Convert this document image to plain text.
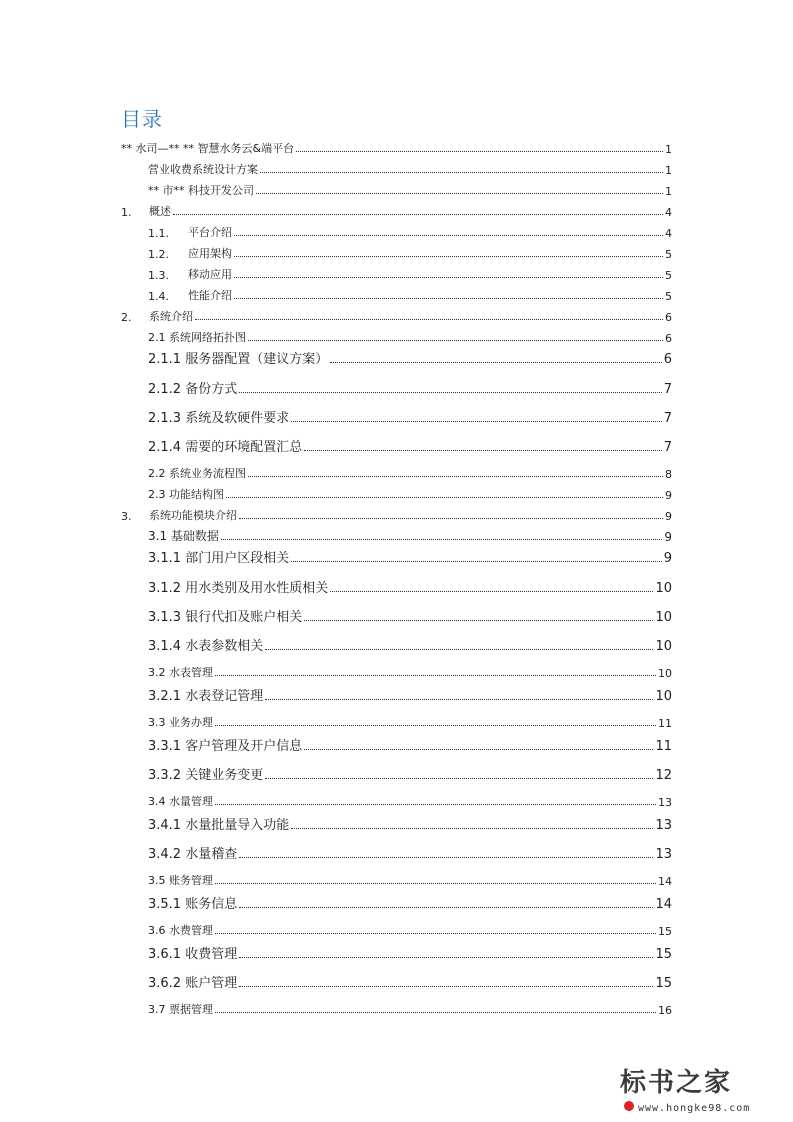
目录
** 水司—** ** 智慧水务云&端平台	1
营业收费系统设计方案	1
** 市** 科技开发公司	1
1.	概述	4
1.1.	平台介绍	4
1.2.	应用架构	5
1.3.	移动应用	5
1.4.	性能介绍	5
2.	系统介绍	6
2.1 系统网络拓扑图	6
2.1.1 服务器配置（建议方案）	6
2.1.2 备份方式	7
2.1.3 系统及软硬件要求	7
2.1.4 需要的环境配置汇总	7
2.2 系统业务流程图	8
2.3 功能结构图	9
3.	系统功能模块介绍	9
3.1 基础数据	9
3.1.1 部门用户区段相关	9
3.1.2 用水类别及用水性质相关	10
3.1.3 银行代扣及账户相关	10
3.1.4 水表参数相关	10
3.2 水表管理	10
3.2.1 水表登记管理	10
3.3 业务办理	11
3.3.1 客户管理及开户信息	11
3.3.2 关键业务变更	12
3.4 水量管理	13
3.4.1 水量批量导入功能	13
3.4.2 水量稽查	13
3.5 账务管理	14
3.5.1 账务信息	14
3.6 水费管理	15
3.6.1 收费管理	15
3.6.2 账户管理	15
3.7 票据管理	16
标书之家
www.hongke98.com
